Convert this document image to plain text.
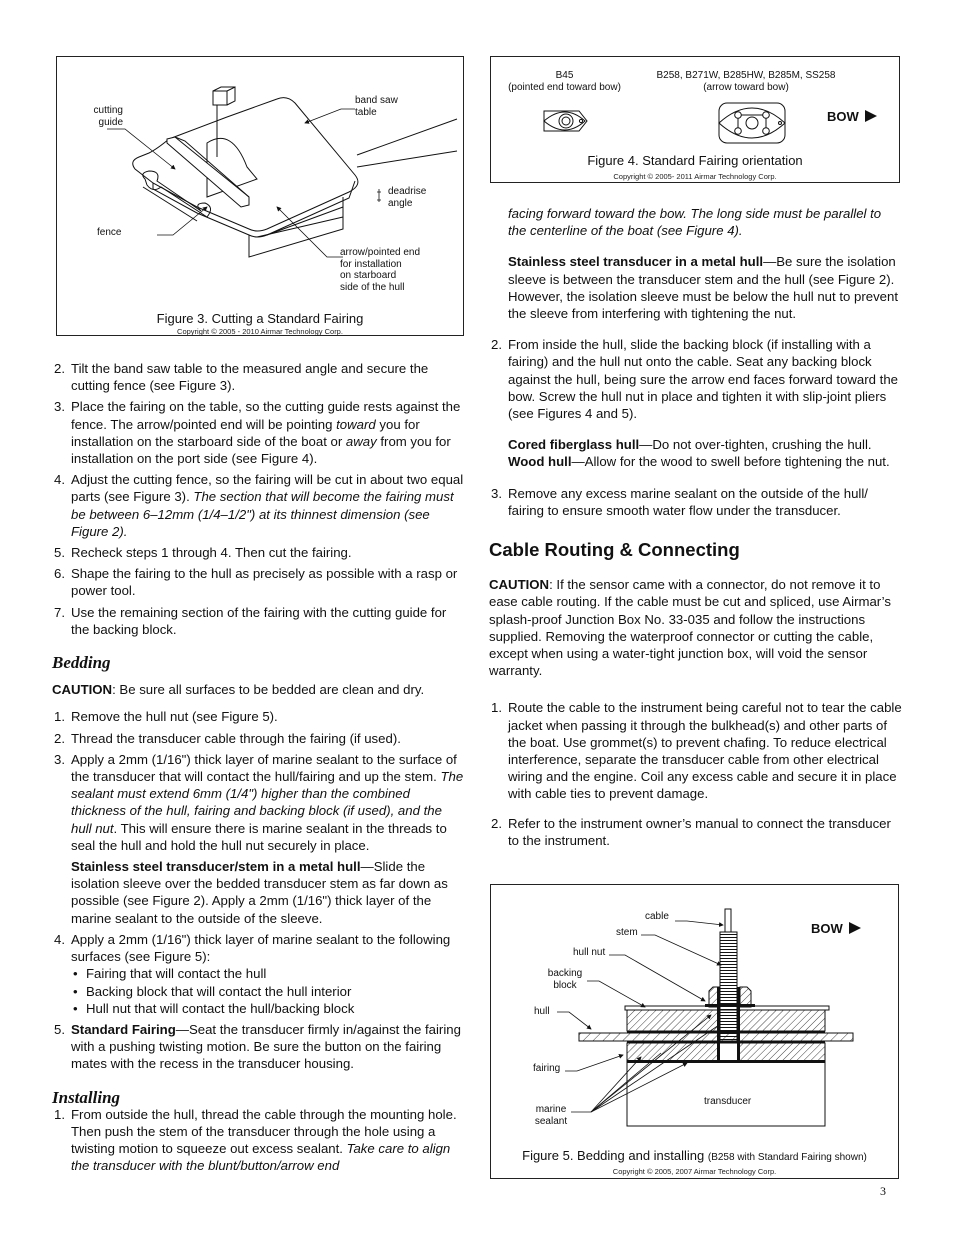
cutting
guide
band saw
table
deadrise
angle
fence
arrow/pointed end
for installation
on starboard
side of the hull
Figure 3. Cutting a Standard Fairing
Copyright © 2005 - 2010 Airmar Technology Corp.
B45
(pointed end toward bow)
B258, B271W, B285HW, B285M, SS258
(arrow toward bow)
BOW
Figure 4. Standard Fairing orientation
Copyright © 2005- 2011 Airmar Technology Corp.
2. Tilt the band saw table to the measured angle and secure the cutting fence (see Figure 3).
3. Place the fairing on the table, so the cutting guide rests against the fence. The arrow/pointed end will be pointing toward you for installation on the starboard side of the boat or away from you for installation on the port side (see Figure 4).
4. Adjust the cutting fence, so the fairing will be cut in about two equal parts (see Figure 3). The section that will become the fairing must be between 6–12mm (1/4–1/2") at its thinnest dimension (see Figure 2).
5. Recheck steps 1 through 4. Then cut the fairing.
6. Shape the fairing to the hull as precisely as possible with a rasp or power tool.
7. Use the remaining section of the fairing with the cutting guide for the backing block.
Bedding
CAUTION: Be sure all surfaces to be bedded are clean and dry.
1. Remove the hull nut (see Figure 5).
2. Thread the transducer cable through the fairing (if used).
3. Apply a 2mm (1/16") thick layer of marine sealant to the surface of the transducer that will contact the hull/fairing and up the stem. The sealant must extend 6mm (1/4") higher than the combined thickness of the hull, fairing and backing block (if used), and the hull nut. This will ensure there is marine sealant in the threads to seal the hull and hold the hull nut securely in place.
Stainless steel transducer/stem in a metal hull—Slide the isolation sleeve over the bedded transducer stem as far down as possible (see Figure 2). Apply a 2mm (1/16") thick layer of the marine sealant to the outside of the sleeve.
4. Apply a 2mm (1/16") thick layer of marine sealant to the following surfaces (see Figure 5):
• Fairing that will contact the hull
• Backing block that will contact the hull interior
• Hull nut that will contact the hull/backing block
5. Standard Fairing—Seat the transducer firmly in/against the fairing with a pushing twisting motion. Be sure the button on the fairing mates with the recess in the transducer housing.
Installing
1. From outside the hull, thread the cable through the mounting hole. Then push the stem of the transducer through the hole using a twisting motion to squeeze out excess sealant. Take care to align the transducer with the blunt/button/arrow end
facing forward toward the bow. The long side must be parallel to the centerline of the boat (see Figure 4).
Stainless steel transducer in a metal hull—Be sure the isolation sleeve is between the transducer stem and the hull (see Figure 2). However, the isolation sleeve must be below the hull nut to prevent the sleeve from interfering with tightening the nut.
2. From inside the hull, slide the backing block (if installing with a fairing) and the hull nut onto the cable. Seat any backing block against the hull, being sure the arrow end faces forward toward the bow. Screw the hull nut in place and tighten it with slip-joint pliers (see Figures 4 and 5).
Cored fiberglass hull—Do not over-tighten, crushing the hull.
Wood hull—Allow for the wood to swell before tightening the nut.
3. Remove any excess marine sealant on the outside of the hull/ fairing to ensure smooth water flow under the transducer.
Cable Routing & Connecting
CAUTION: If the sensor came with a connector, do not remove it to ease cable routing. If the cable must be cut and spliced, use Airmar’s splash-proof Junction Box No. 33-035 and follow the instructions supplied. Removing the waterproof connector or cutting the cable, except when using a water-tight junction box, will void the sensor warranty.
1. Route the cable to the instrument being careful not to tear the cable jacket when passing it through the bulkhead(s) and other parts of the boat. Use grommet(s) to prevent chafing. To reduce electrical interference, separate the transducer cable from other electrical wiring and the engine. Coil any excess cable and secure it in place with cable ties to prevent damage.
2. Refer to the instrument owner’s manual to connect the transducer to the instrument.
cable
stem
hull nut
backing
block
hull
fairing
marine
sealant
transducer
BOW
Figure 5. Bedding and installing (B258 with Standard Fairing shown)
Copyright © 2005, 2007 Airmar Technology Corp.
3
